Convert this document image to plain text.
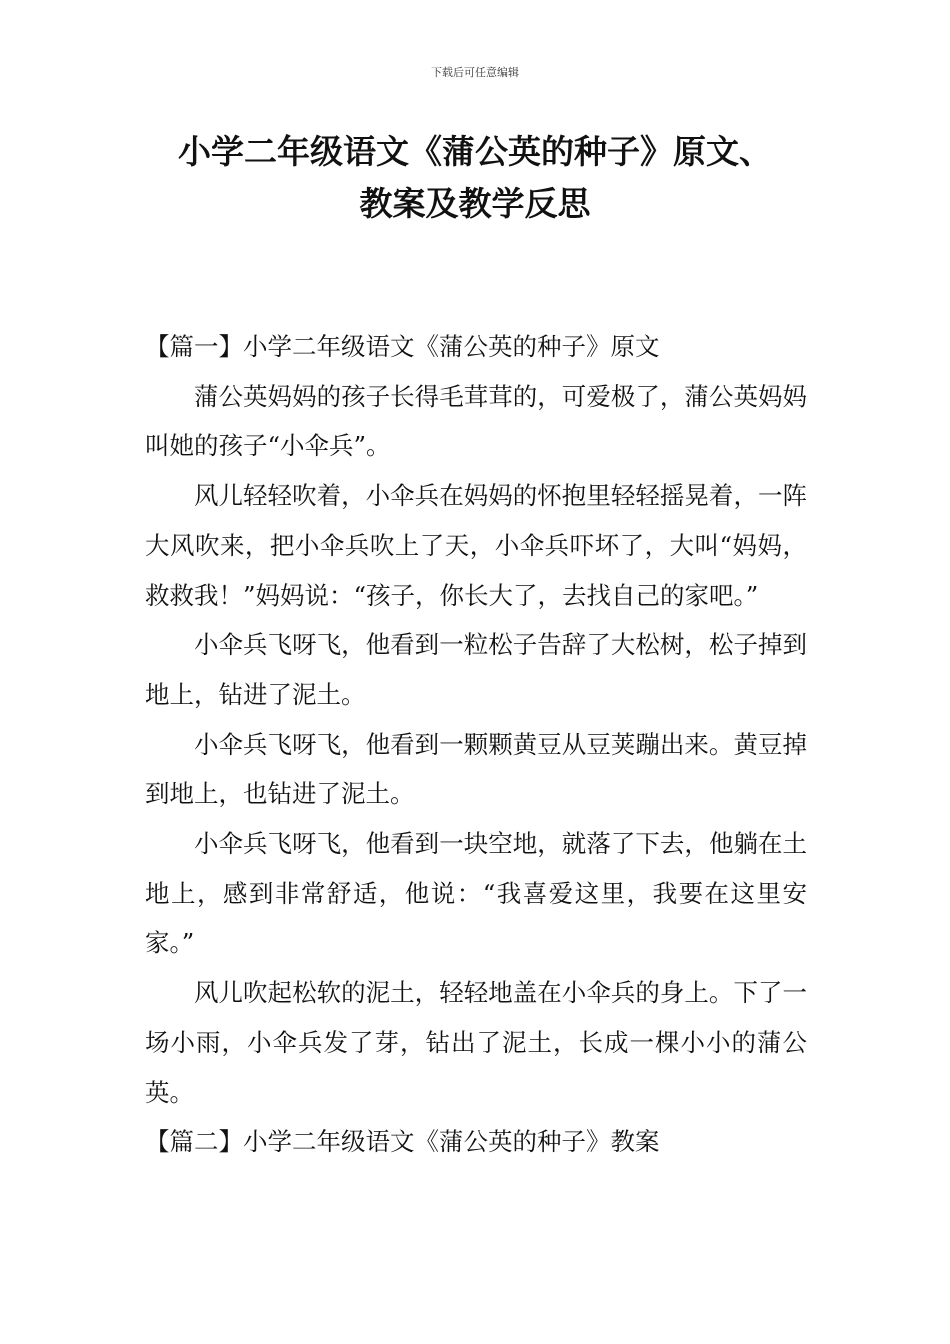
下载后可任意编辑
小学二年级语文《蒲公英的种子》原文、
教案及教学反思

【篇一】小学二年级语文《蒲公英的种子》原文

蒲公英妈妈的孩子长得毛茸茸的，可爱极了，蒲公英妈妈叫她的孩子“小伞兵”。

风儿轻轻吹着，小伞兵在妈妈的怀抱里轻轻摇晃着，一阵大风吹来，把小伞兵吹上了天，小伞兵吓坏了，大叫“妈妈，救救我！”妈妈说：“孩子，你长大了，去找自己的家吧。”

小伞兵飞呀飞，他看到一粒松子告辞了大松树，松子掉到地上，钻进了泥土。

小伞兵飞呀飞，他看到一颗颗黄豆从豆荚蹦出来。黄豆掉到地上，也钻进了泥土。

小伞兵飞呀飞，他看到一块空地，就落了下去，他躺在土地上，感到非常舒适，他说：“我喜爱这里，我要在这里安家。”

风儿吹起松软的泥土，轻轻地盖在小伞兵的身上。下了一场小雨，小伞兵发了芽，钻出了泥土，长成一棵小小的蒲公英。

【篇二】小学二年级语文《蒲公英的种子》教案
